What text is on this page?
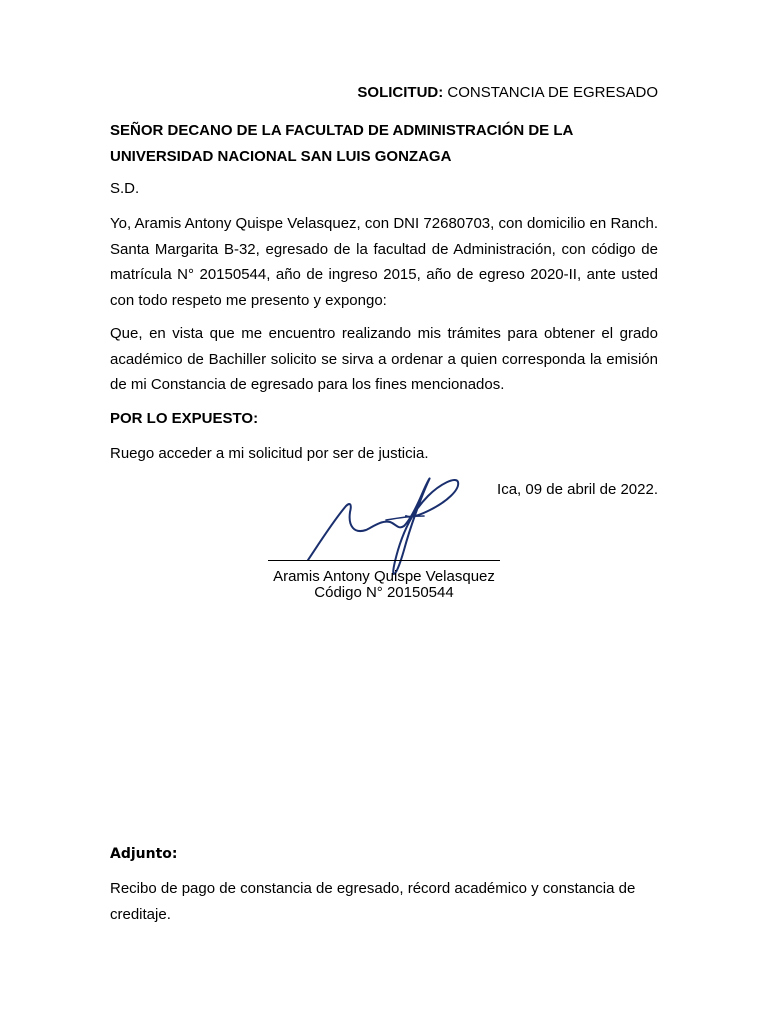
SOLICITUD: CONSTANCIA DE EGRESADO
SEÑOR DECANO DE LA FACULTAD DE ADMINISTRACIÓN DE LA
UNIVERSIDAD NACIONAL SAN LUIS GONZAGA
S.D.
Yo, Aramis Antony Quispe Velasquez, con DNI 72680703, con domicilio en Ranch. Santa Margarita B-32, egresado de la facultad de Administración, con código de matrícula N° 20150544, año de ingreso 2015, año de egreso 2020-II, ante usted con todo respeto me presento y expongo:
Que, en vista que me encuentro realizando mis trámites para obtener el grado académico de Bachiller solicito se sirva a ordenar a quien corresponda la emisión de mi Constancia de egresado para los fines mencionados.
POR LO EXPUESTO:
Ruego acceder a mi solicitud por ser de justicia.
Ica, 09 de abril de 2022.
Aramis Antony Quispe Velasquez
Código N° 20150544
Adjunto:
Recibo de pago de constancia de egresado, récord académico y constancia de creditaje.
